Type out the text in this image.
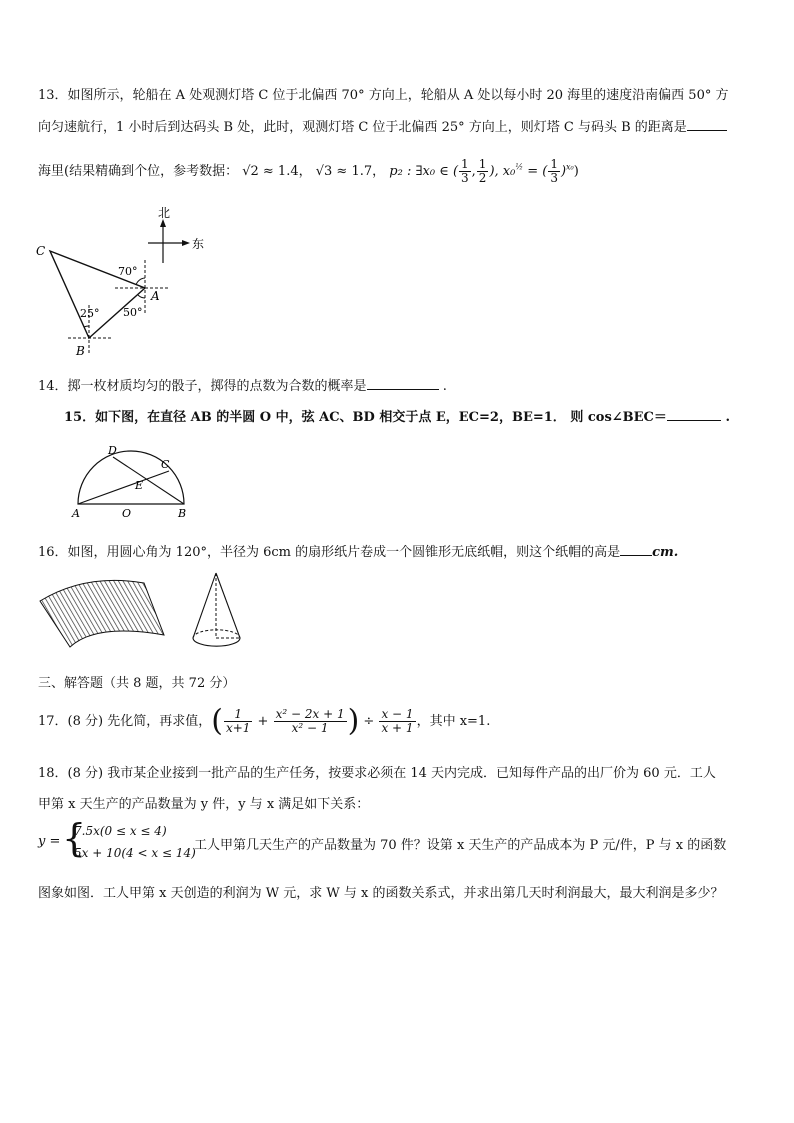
13．如图所示，轮船在 A 处观测灯塔 C 位于北偏西 70° 方向上，轮船从 A 处以每小时 20 海里的速度沿南偏西 50° 方
向匀速航行，1 小时后到达码头 B 处，此时，观测灯塔 C 位于北偏西 25° 方向上，则灯塔 C 与码头 B 的距离是
海里(结果精确到个位，参考数据： √2 ≈ 1.4， √3 ≈ 1.7， p₂ : ∃x₀ ∈ ( $\frac{1}{3}$ , $\frac{1}{2}$ ), x₀$^{\frac{1}{2}}$ = ( $\frac{1}{3} )^{x_0}$)
北
东
C
A
B
70°
50°
25°
14．掷一枚材质均匀的骰子，掷得的点数为合数的概率是	.
15．如下图，在直径 AB 的半圆 O 中，弦 AC、BD 相交于点 E，EC=2，BE=1． 则 cos∠BEC＝	.
D
C
E
A	O	B
16．如图，用圆心角为 120°，半径为 6cm 的扇形纸片卷成一个圆锥形无底纸帽，则这个纸帽的高是 cm.
三、解答题（共 8 题，共 72 分）
17．(8 分) 先化简，再求值，( $\frac{1}{x+1} + \frac{\text{x² − 2x + 1}}{\text{x² − 1}}$ ) ÷ $\frac{x - 1}{x + 1}$ ，其中 x=1.
18．(8 分) 我市某企业接到一批产品的生产任务，按要求必须在 14 天内完成．已知每件产品的出厂价为 60 元．工人
甲第 x 天生产的产品数量为 y 件，y 与 x 满足如下关系：
y = {
7.5x(0 ≤ x ≤ 4)
5x + 10(4 < x ≤ 14)
工人甲第几天生产的产品数量为 70 件？设第 x 天生产的产品成本为 P 元/件，P 与 x 的函数
图象如图．工人甲第 x 天创造的利润为 W 元，求 W 与 x 的函数关系式，并求出第几天时利润最大，最大利润是多少？
